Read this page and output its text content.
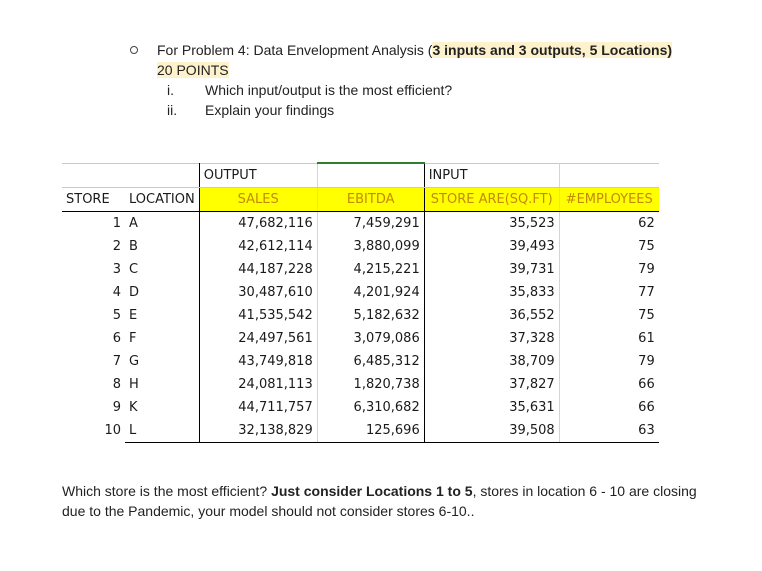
For Problem 4: Data Envelopment Analysis (3 inputs and 3 outputs, 5 Locations) 20 POINTS
i.	Which input/output is the most efficient?
ii.	Explain your findings
		OUTPUT		INPUT	
STORE	LOCATION	SALES	EBITDA	STORE ARE(SQ.FT)	#EMPLOYEES
1	A	47,682,116	7,459,291	35,523	62
2	B	42,612,114	3,880,099	39,493	75
3	C	44,187,228	4,215,221	39,731	79
4	D	30,487,610	4,201,924	35,833	77
5	E	41,535,542	5,182,632	36,552	75
6	F	24,497,561	3,079,086	37,328	61
7	G	43,749,818	6,485,312	38,709	79
8	H	24,081,113	1,820,738	37,827	66
9	K	44,711,757	6,310,682	35,631	66
10	L	32,138,829	125,696	39,508	63
Which store is the most efficient? Just consider Locations 1 to 5, stores in location 6 - 10 are closing due to the Pandemic, your model should not consider stores 6-10..
